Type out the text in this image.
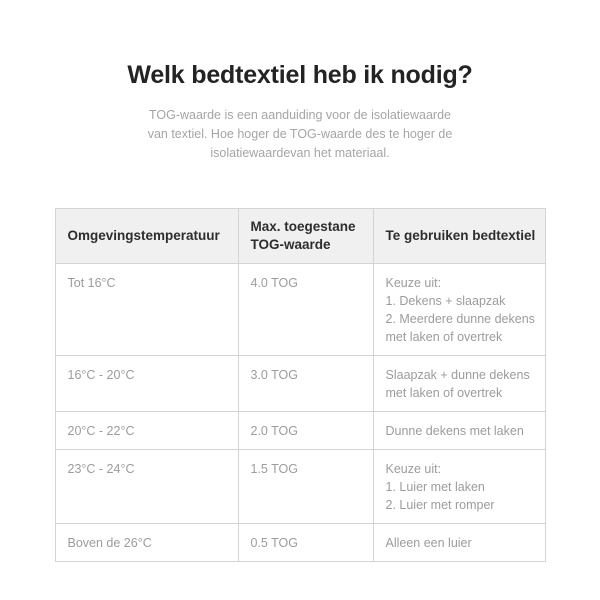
Welk bedtextiel heb ik nodig?

TOG-waarde is een aanduiding voor de isolatiewaarde van textiel. Hoe hoger de TOG-waarde des te hoger de isolatiewaardevan het materiaal.

Omgevingstemperatuur	Max. toegestane TOG-waarde	Te gebruiken bedtextiel

Tot 16°C	4.0 TOG	Keuze uit:
1. Dekens + slaapzak
2. Meerdere dunne dekens met laken of overtrek

16°C - 20°C	3.0 TOG	Slaapzak + dunne dekens met laken of overtrek

20°C - 22°C	2.0 TOG	Dunne dekens met laken

23°C - 24°C	1.5 TOG	Keuze uit:
1. Luier met laken
2. Luier met romper

Boven de 26°C	0.5 TOG	Alleen een luier
